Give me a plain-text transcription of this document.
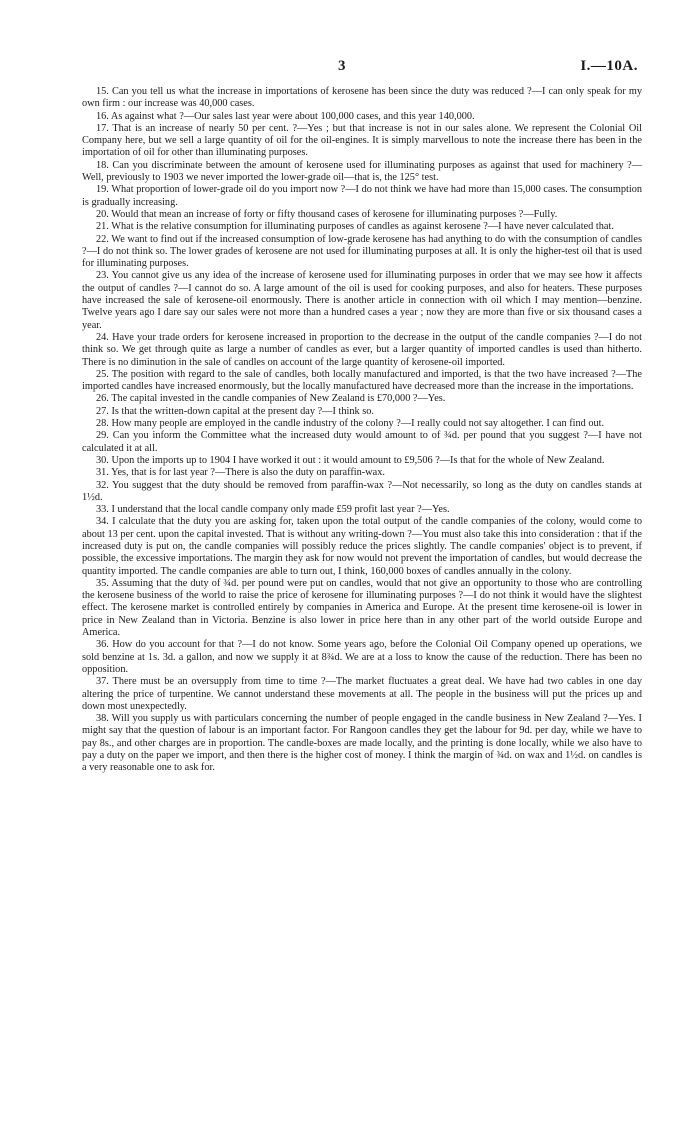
3	I.—10A.

15. Can you tell us what the increase in importations of kerosene has been since the duty was reduced ?—I can only speak for my own firm : our increase was 40,000 cases.

16. As against what ?—Our sales last year were about 100,000 cases, and this year 140,000.

17. That is an increase of nearly 50 per cent. ?—Yes ; but that increase is not in our sales alone. We represent the Colonial Oil Company here, but we sell a large quantity of oil for the oil-engines. It is simply marvellous to note the increase there has been in the importation of oil for other than illuminating purposes.

18. Can you discriminate between the amount of kerosene used for illuminating purposes as against that used for machinery ?—Well, previously to 1903 we never imported the lower-grade oil—that is, the 125° test.

19. What proportion of lower-grade oil do you import now ?—I do not think we have had more than 15,000 cases. The consumption is gradually increasing.

20. Would that mean an increase of forty or fifty thousand cases of kerosene for illuminating purposes ?—Fully.

21. What is the relative consumption for illuminating purposes of candles as against kerosene ?—I have never calculated that.

22. We want to find out if the increased consumption of low-grade kerosene has had anything to do with the consumption of candles ?—I do not think so. The lower grades of kerosene are not used for illuminating purposes at all. It is only the higher-test oil that is used for illuminating purposes.

23. You cannot give us any idea of the increase of kerosene used for illuminating purposes in order that we may see how it affects the output of candles ?—I cannot do so. A large amount of the oil is used for cooking purposes, and also for heaters. These purposes have increased the sale of kerosene-oil enormously. There is another article in connection with oil which I may mention—benzine. Twelve years ago I dare say our sales were not more than a hundred cases a year ; now they are more than five or six thousand cases a year.

24. Have your trade orders for kerosene increased in proportion to the decrease in the output of the candle companies ?—I do not think so. We get through quite as large a number of candles as ever, but a larger quantity of imported candles is used than hitherto. There is no diminution in the sale of candles on account of the large quantity of kerosene-oil imported.

25. The position with regard to the sale of candles, both locally manufactured and imported, is that the two have increased ?—The imported candles have increased enormously, but the locally manufactured have decreased more than the increase in the importations.

26. The capital invested in the candle companies of New Zealand is £70,000 ?—Yes.

27. Is that the written-down capital at the present day ?—I think so.

28. How many people are employed in the candle industry of the colony ?—I really could not say altogether. I can find out.

29. Can you inform the Committee what the increased duty would amount to of ¾d. per pound that you suggest ?—I have not calculated it at all.

30. Upon the imports up to 1904 I have worked it out : it would amount to £9,506 ?—Is that for the whole of New Zealand.

31. Yes, that is for last year ?—There is also the duty on paraffin-wax.

32. You suggest that the duty should be removed from paraffin-wax ?—Not necessarily, so long as the duty on candles stands at 1½d.

33. I understand that the local candle company only made £59 profit last year ?—Yes.

34. I calculate that the duty you are asking for, taken upon the total output of the candle companies of the colony, would come to about 13 per cent. upon the capital invested. That is without any writing-down ?—You must also take this into consideration : that if the increased duty is put on, the candle companies will possibly reduce the prices slightly. The candle companies' object is to prevent, if possible, the excessive importations. The margin they ask for now would not prevent the importation of candles, but would decrease the quantity imported. The candle companies are able to turn out, I think, 160,000 boxes of candles annually in the colony.

35. Assuming that the duty of ¾d. per pound were put on candles, would that not give an opportunity to those who are controlling the kerosene business of the world to raise the price of kerosene for illuminating purposes ?—I do not think it would have the slightest effect. The kerosene market is controlled entirely by companies in America and Europe. At the present time kerosene-oil is lower in price in New Zealand than in Victoria. Benzine is also lower in price here than in any other part of the world outside Europe and America.

36. How do you account for that ?—I do not know. Some years ago, before the Colonial Oil Company opened up operations, we sold benzine at 1s. 3d. a gallon, and now we supply it at 8¾d. We are at a loss to know the cause of the reduction. There has been no opposition.

37. There must be an oversupply from time to time ?—The market fluctuates a great deal. We have had two cables in one day altering the price of turpentine. We cannot understand these movements at all. The people in the business will put the prices up and down most unexpectedly.

38. Will you supply us with particulars concerning the number of people engaged in the candle business in New Zealand ?—Yes. I might say that the question of labour is an important factor. For Rangoon candles they get the labour for 9d. per day, while we have to pay 8s., and other charges are in proportion. The candle-boxes are made locally, and the printing is done locally, while we also have to pay a duty on the paper we import, and then there is the higher cost of money. I think the margin of ¾d. on wax and 1½d. on candles is a very reasonable one to ask for.
